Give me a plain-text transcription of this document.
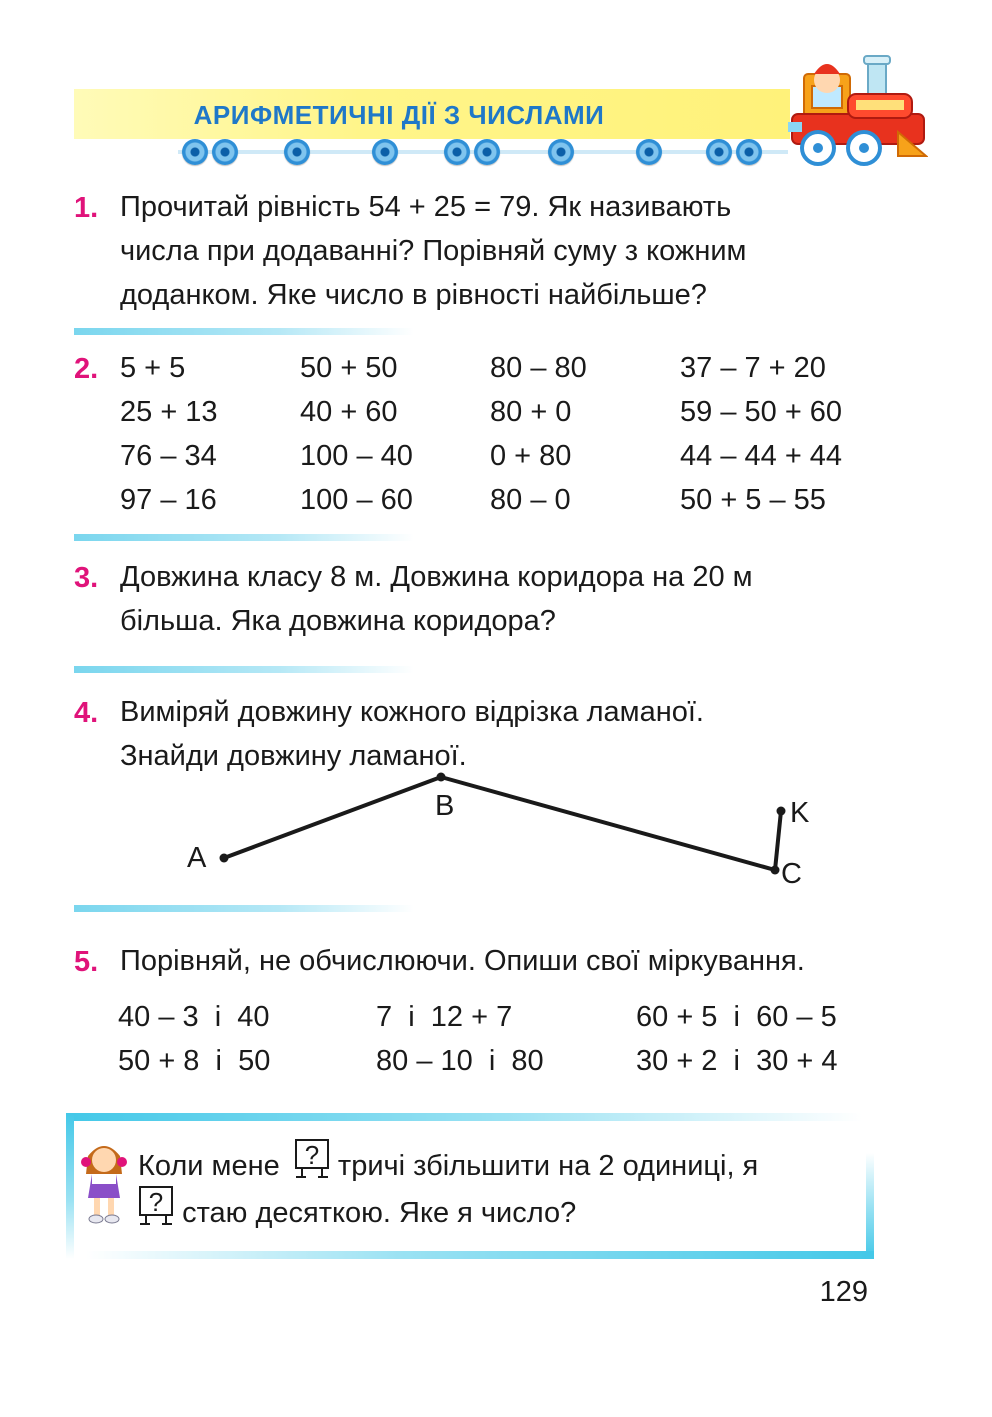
АРИФМЕТИЧНІ ДІЇ З ЧИСЛАМИ
1. Прочитай рівність 54 + 25 = 79. Як називають
числа при додаванні? Порівняй суму з кожним
доданком. Яке число в рівності найбільше?
2. 5 + 5	50 + 50	80 – 80	37 – 7 + 20
25 + 13	40 + 60	80 + 0	59 – 50 + 60
76 – 34	100 – 40	0 + 80	44 – 44 + 44
97 – 16	100 – 60	80 – 0	50 + 5 – 55
3. Довжина класу 8 м. Довжина коридора на 20 м
більша. Яка довжина коридора?
4. Виміряй довжину кожного відрізка ламаної.
Знайди довжину ламаної.
A
B
C
K
5. Порівняй, не обчислюючи. Опиши свої міркування.
40 – 3  і  40	7  і  12 + 7	60 + 5  і  60 – 5
50 + 8  і  50	80 – 10  і  80	30 + 2  і  30 + 4
Коли мене ? тричі збільшити на 2 одиниці, я
? стаю десяткою. Яке я число?
129
